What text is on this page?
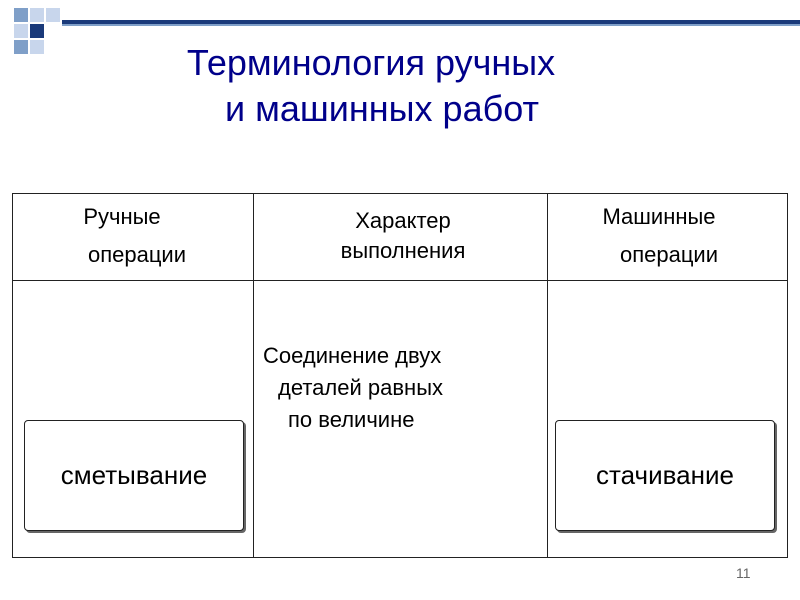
Терминология ручных
и машинных работ
Ручные
операции
Характер
выполнения
Машинные
операции
Соединение двух
деталей равных
по величине
сметывание	стачивание
11
